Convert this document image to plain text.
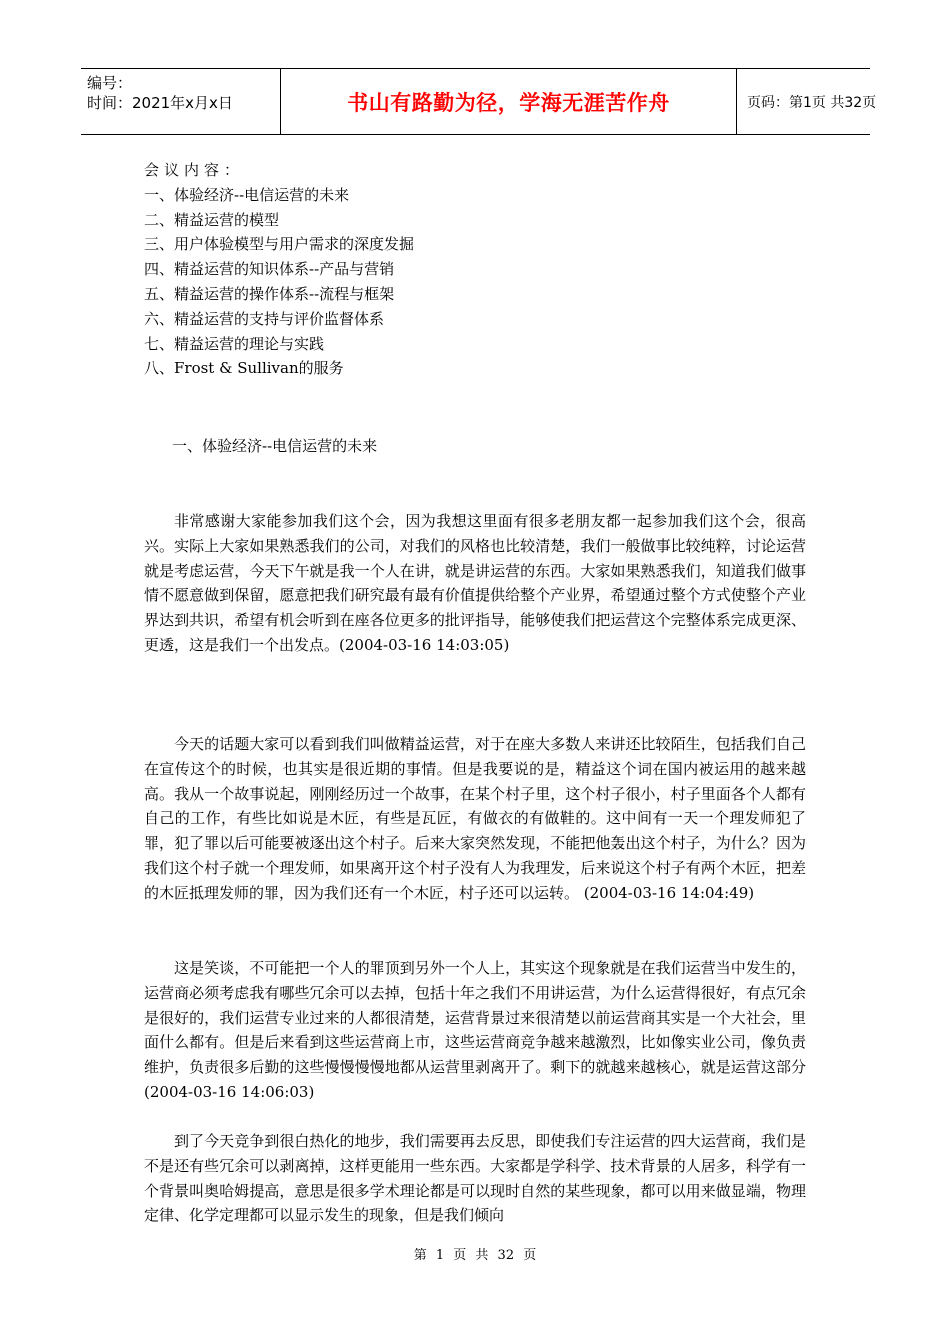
编号：
时间：2021年x月x日	书山有路勤为径，学海无涯苦作舟	页码：第1页 共32页
会议内容：
一、体验经济--电信运营的未来
二、精益运营的模型
三、用户体验模型与用户需求的深度发掘
四、精益运营的知识体系--产品与营销
五、精益运营的操作体系--流程与框架
六、精益运营的支持与评价监督体系
七、精益运营的理论与实践
八、Frost & Sullivan的服务
一、体验经济--电信运营的未来

非常感谢大家能参加我们这个会，因为我想这里面有很多老朋友都一起参加我们这个会，很高兴。实际上大家如果熟悉我们的公司，对我们的风格也比较清楚，我们一般做事比较纯粹，讨论运营就是考虑运营，今天下午就是我一个人在讲，就是讲运营的东西。大家如果熟悉我们，知道我们做事情不愿意做到保留，愿意把我们研究最有最有价值提供给整个产业界，希望通过整个方式使整个产业界达到共识，希望有机会听到在座各位更多的批评指导，能够使我们把运营这个完整体系完成更深、更透，这是我们一个出发点。(2004-03-16 14:03:05)

今天的话题大家可以看到我们叫做精益运营，对于在座大多数人来讲还比较陌生，包括我们自己在宣传这个的时候，也其实是很近期的事情。但是我要说的是，精益这个词在国内被运用的越来越高。我从一个故事说起，刚刚经历过一个故事，在某个村子里，这个村子很小，村子里面各个人都有自己的工作，有些比如说是木匠，有些是瓦匠，有做衣的有做鞋的。这中间有一天一个理发师犯了罪，犯了罪以后可能要被逐出这个村子。后来大家突然发现，不能把他轰出这个村子，为什么？因为我们这个村子就一个理发师，如果离开这个村子没有人为我理发，后来说这个村子有两个木匠，把差的木匠抵理发师的罪，因为我们还有一个木匠，村子还可以运转。 (2004-03-16 14:04:49)

这是笑谈，不可能把一个人的罪顶到另外一个人上，其实这个现象就是在我们运营当中发生的，运营商必须考虑我有哪些冗余可以去掉，包括十年之我们不用讲运营，为什么运营得很好，有点冗余是很好的，我们运营专业过来的人都很清楚，运营背景过来很清楚以前运营商其实是一个大社会，里面什么都有。但是后来看到这些运营商上市，这些运营商竞争越来越激烈，比如像实业公司，像负责维护，负责很多后勤的这些慢慢慢慢地都从运营里剥离开了。剩下的就越来越核心，就是运营这部分 (2004-03-16 14:06:03)

到了今天竞争到很白热化的地步，我们需要再去反思，即使我们专注运营的四大运营商，我们是不是还有些冗余可以剥离掉，这样更能用一些东西。大家都是学科学、技术背景的人居多，科学有一个背景叫奥哈姆提高，意思是很多学术理论都是可以现时自然的某些现象，都可以用来做显端，物理定律、化学定理都可以显示发生的现象，但是我们倾向

第 1 页 共 32 页
